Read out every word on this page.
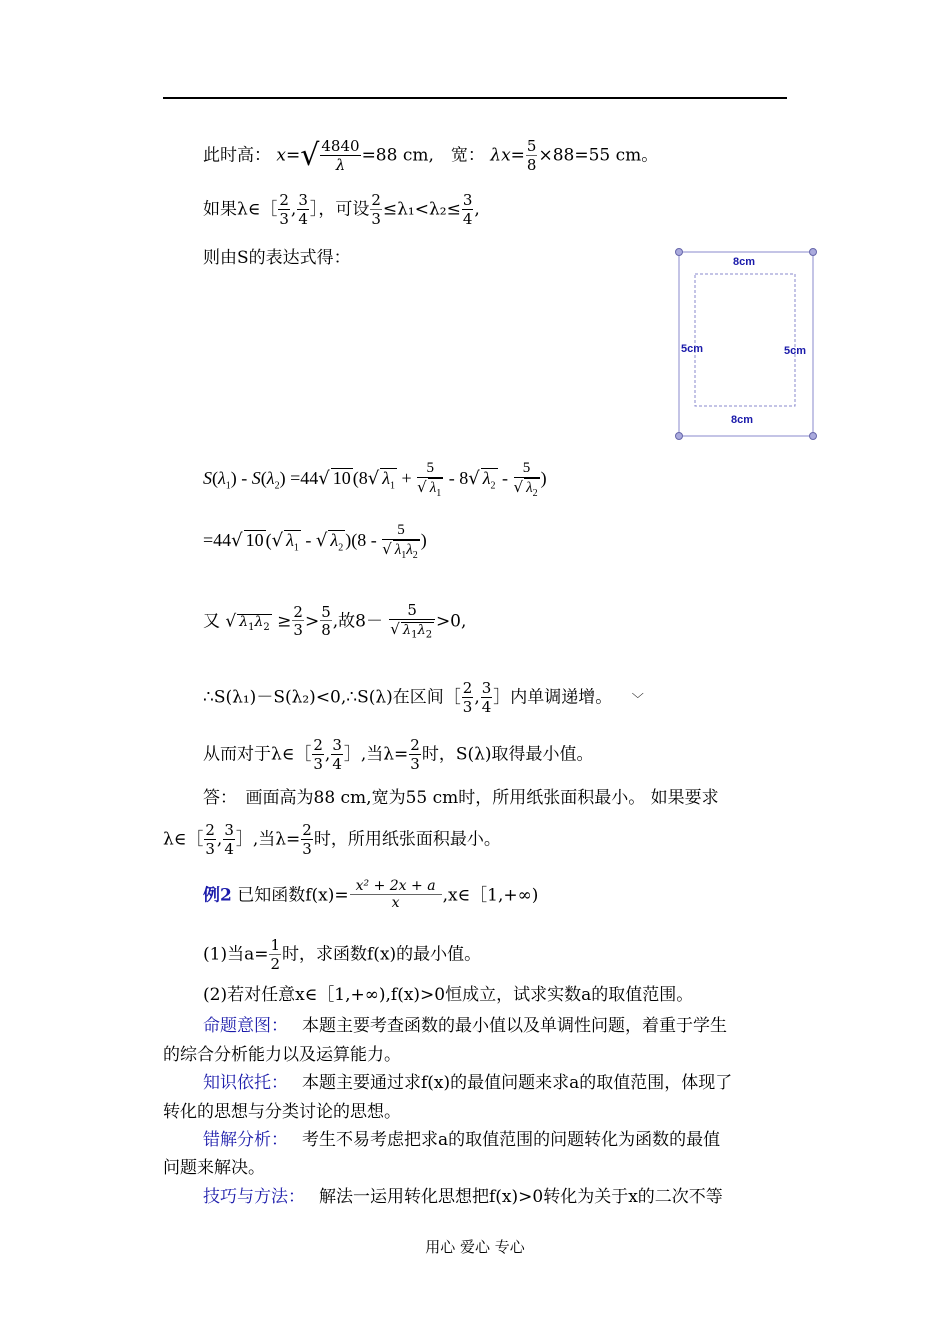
此时高： $x=√ \frac{4840}{\lambda} =88$ cm,　宽： $\lambda x= \frac{5}{8} \times 88=55$ cm。
如果λ∈［ $\frac{2}{3}$ , $\frac{3}{4}$ ］，可设 $\frac{2}{3} \le\lambda_1<\lambda_2\le \frac{3}{4}$ ,
则由S的表达式得：	8cm
8cm
5cm	5cm
$S(\lambda_1) - S(\lambda_2) =44√$ 10 (8√ $\lambda_1 + \frac{5}{√ \lambda_1} - 8√$ $\lambda_2 - \frac{5}{√ \lambda_2}$ )
=44√ 10 (√ $\lambda_1$ - √ $\lambda_2$ )($8 - \frac{5}{√ \lambda_1\lambda_2}$ )
又 √ $\lambda_1\lambda_2 \ge \frac{2}{3} > \frac{5}{8}$ ,故$8- \frac{5}{√ \lambda_1\lambda_2} >0$,
∴S(λ₁)－S(λ₂)<0,∴S(λ)在区间［ $\frac{2}{3}$ , $\frac{3}{4}$ ］内单调递增。 ﹀
从而对于λ∈［ $\frac{2}{3}$ , $\frac{3}{4}$ ］,当$\lambda= \frac{2}{3}$ 时，S(λ)取得最小值。
答：　画面高为88 cm,宽为55 cm时，所用纸张面积最小。 如果要求
λ∈［ $\frac{2}{3}$ , $\frac{3}{4}$ ］,当$\lambda= \frac{2}{3}$ 时，所用纸张面积最小。
例2 已知函数$f(x)= \frac{\text{x² + 2x + a}}{x}$ ,x∈［1,+∞)
(1)当$a= \frac{1}{2}$ 时，求函数f(x)的最小值。
(2)若对任意x∈［1,+∞),f(x)>0恒成立，试求实数a的取值范围。
命题意图： 本题主要考查函数的最小值以及单调性问题，着重于学生
的综合分析能力以及运算能力。
知识依托： 本题主要通过求f(x)的最值问题来求a的取值范围，体现了
转化的思想与分类讨论的思想。
错解分析： 考生不易考虑把求a的取值范围的问题转化为函数的最值
问题来解决。
技巧与方法： 解法一运用转化思想把f(x)>0转化为关于x的二次不等
用心 爱心 专心
